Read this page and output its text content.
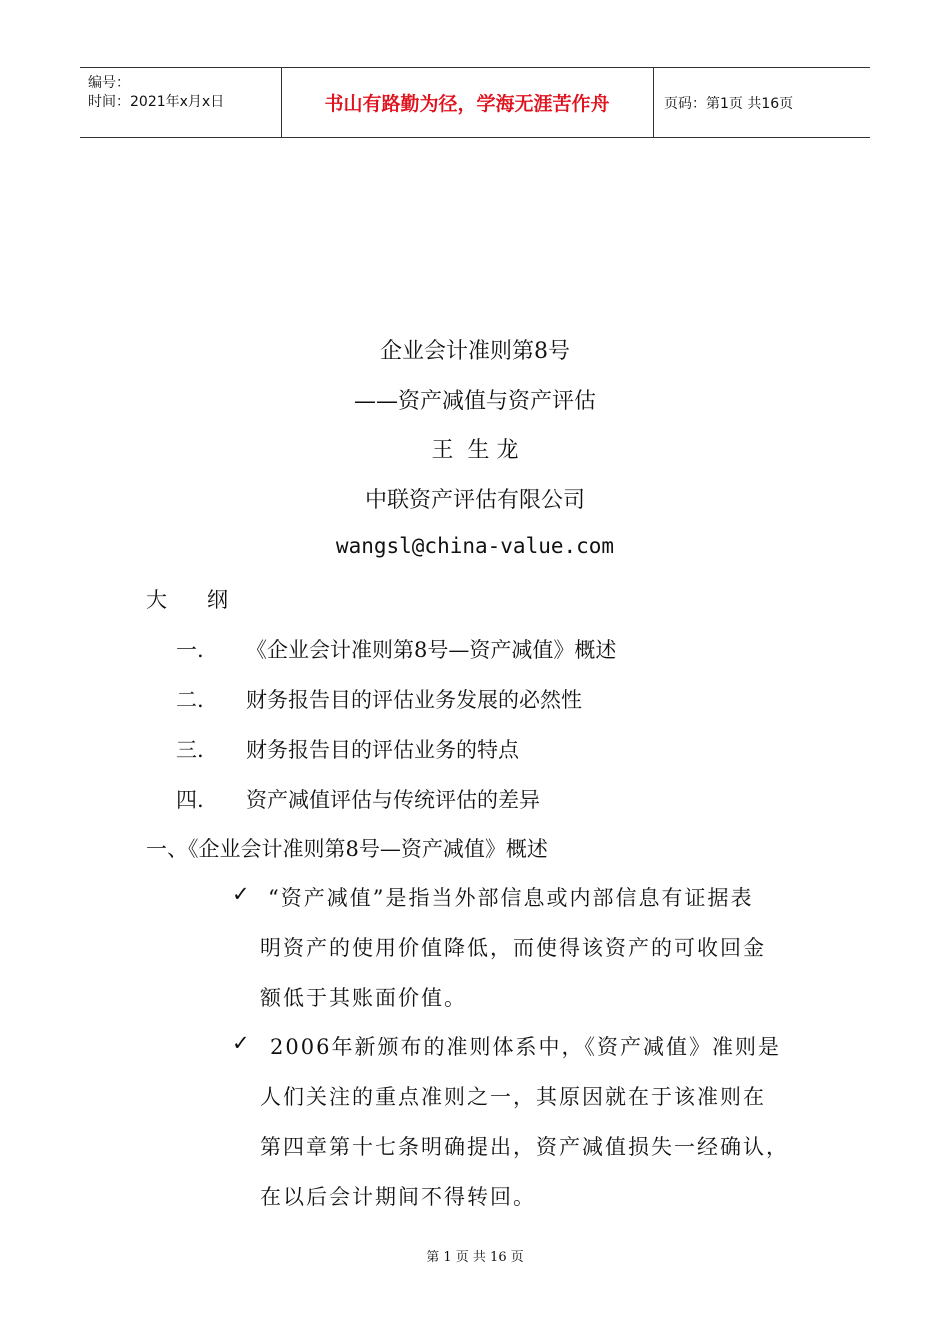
编号：
时间：2021年x月x日	书山有路勤为径，学海无涯苦作舟	页码：第1页 共16页
企业会计准则第8号
——资产减值与资产评估
王  生 龙
中联资产评估有限公司
wangsl@china-value.com
大      纲
一. 《企业会计准则第8号—资产减值》概述
二. 财务报告目的评估业务发展的必然性
三. 财务报告目的评估业务的特点
四. 资产减值评估与传统评估的差异
一、《企业会计准则第8号—资产减值》概述
✓ “资产减值”是指当外部信息或内部信息有证据表
明资产的使用价值降低，而使得该资产的可收回金
额低于其账面价值。
✓ 2006年新颁布的准则体系中，《资产减值》准则是
人们关注的重点准则之一，其原因就在于该准则在
第四章第十七条明确提出，资产减值损失一经确认，
在以后会计期间不得转回。
第 1 页 共 16 页
